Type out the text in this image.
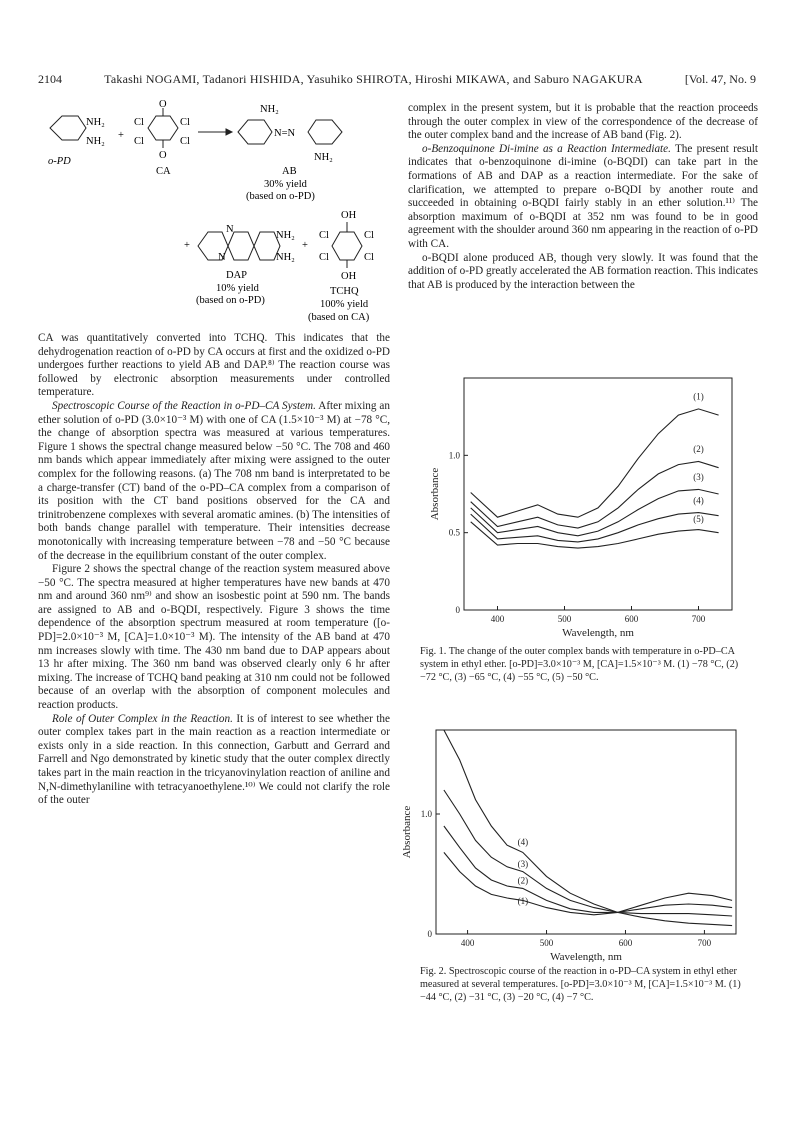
2104	Takashi NOGAMI, Tadanori HISHIDA, Yasuhiko SHIROTA, Hiroshi MIKAWA, and Saburo NAGAKURA	[Vol. 47, No. 9
NH₂
NH₂
o-PD
+
O
O
Cl	Cl
Cl	Cl
CA
NH₂
N=N
NH₂
AB
30% yield
(based on o-PD)
+
N
N
NH₂
NH₂
DAP
10% yield
(based on o-PD)
+
OH
OH
Cl	Cl
Cl	Cl
TCHQ
100% yield
(based on CA)

CA was quantitatively converted into TCHQ. This indicates that the dehydrogenation reaction of o-PD by CA occurs at first and the oxidized o-PD undergoes further reactions to yield AB and DAP.⁸⁾ The reaction course was followed by electronic absorption measurements under controlled temperature.

Spectroscopic Course of the Reaction in o-PD–CA System. After mixing an ether solution of o-PD (3.0×10⁻³ M) with one of CA (1.5×10⁻³ M) at −78 °C, the change of absorption spectra was measured at various temperatures. Figure 1 shows the spectral change measured below −50 °C. The 708 and 460 nm bands which appear immediately after mixing were assigned to the outer complex for the following reasons. (a) The 708 nm band is interpretated to be a charge-transfer (CT) band of the o-PD–CA complex from a comparison of its position with the CT band positions observed for the CA and trinitrobenzene complexes with several aromatic amines. (b) The intensities of both bands change parallel with temperature. Their intensities decrease monotonically with increasing temperature between −78 and −50 °C because of the decrease in the equilibrium constant of the outer complex.

Figure 2 shows the spectral change of the reaction system measured above −50 °C. The spectra measured at higher temperatures have new bands at 470 nm and around 360 nm⁹⁾ and show an isosbestic point at 590 nm. The bands are assigned to AB and o-BQDI, respectively. Figure 3 shows the time dependence of the absorption spectrum measured at room temperature ([o-PD]=2.0×10⁻³ M, [CA]=1.0×10⁻³ M). The intensity of the AB band at 470 nm increases slowly with time. The 430 nm band due to DAP appears about 13 hr after mixing. The 360 nm band was observed clearly only 6 hr after mixing. The increase of TCHQ band peaking at 310 nm could not be followed because of an overlap with the absorption of component molecules and reaction products.

Role of Outer Complex in the Reaction. It is of interest to see whether the outer complex takes part in the main reaction as a reaction intermediate or exists only in a side reaction. In this connection, Garbutt and Gerrard and Farrell and Ngo demonstrated by kinetic study that the outer complex directly takes part in the main reaction in the tricyanovinylation reaction of aniline and N,N-dimethylaniline with tetracyanoethylene.¹⁰⁾ We could not clarify the role of the outer

complex in the present system, but it is probable that the reaction proceeds through the outer complex in view of the correspondence of the decrease of the outer complex band and the increase of AB band (Fig. 2).

o-Benzoquinone Di-imine as a Reaction Intermediate. The present result indicates that o-benzoquinone di-imine (o-BQDI) can take part in the formations of AB and DAP as a reaction intermediate. For the sake of clarification, we attempted to prepare o-BQDI by another route and succeeded in obtaining o-BQDI fairly stably in an ether solution.¹¹⁾ The absorption maximum of o-BQDI at 352 nm was found to be in good agreement with the shoulder around 360 nm appearing in the reaction of o-PD with CA.

o-BQDI alone produced AB, though very slowly. It was found that the addition of o-PD greatly accelerated the AB formation reaction. This indicates that AB is produced by the interaction between the

400	500	600	700
0
0.5
1.0
Wavelength, nm
Absorbance
(1)
(2)
(3)
(4)
(5)
Fig. 1. The change of the outer complex bands with temperature in o-PD–CA system in ethyl ether. [o-PD]=3.0×10⁻³ M, [CA]=1.5×10⁻³ M. (1) −78 °C, (2) −72 °C, (3) −65 °C, (4) −55 °C, (5) −50 °C.
400	500	600	700
0
1.0
Wavelength, nm
Absorbance	(4)
(3)
(2)
(1)
Fig. 2. Spectroscopic course of the reaction in o-PD–CA system in ethyl ether measured at several temperatures. [o-PD]=3.0×10⁻³ M, [CA]=1.5×10⁻³ M. (1) −44 °C, (2) −31 °C, (3) −20 °C, (4) −7 °C.
